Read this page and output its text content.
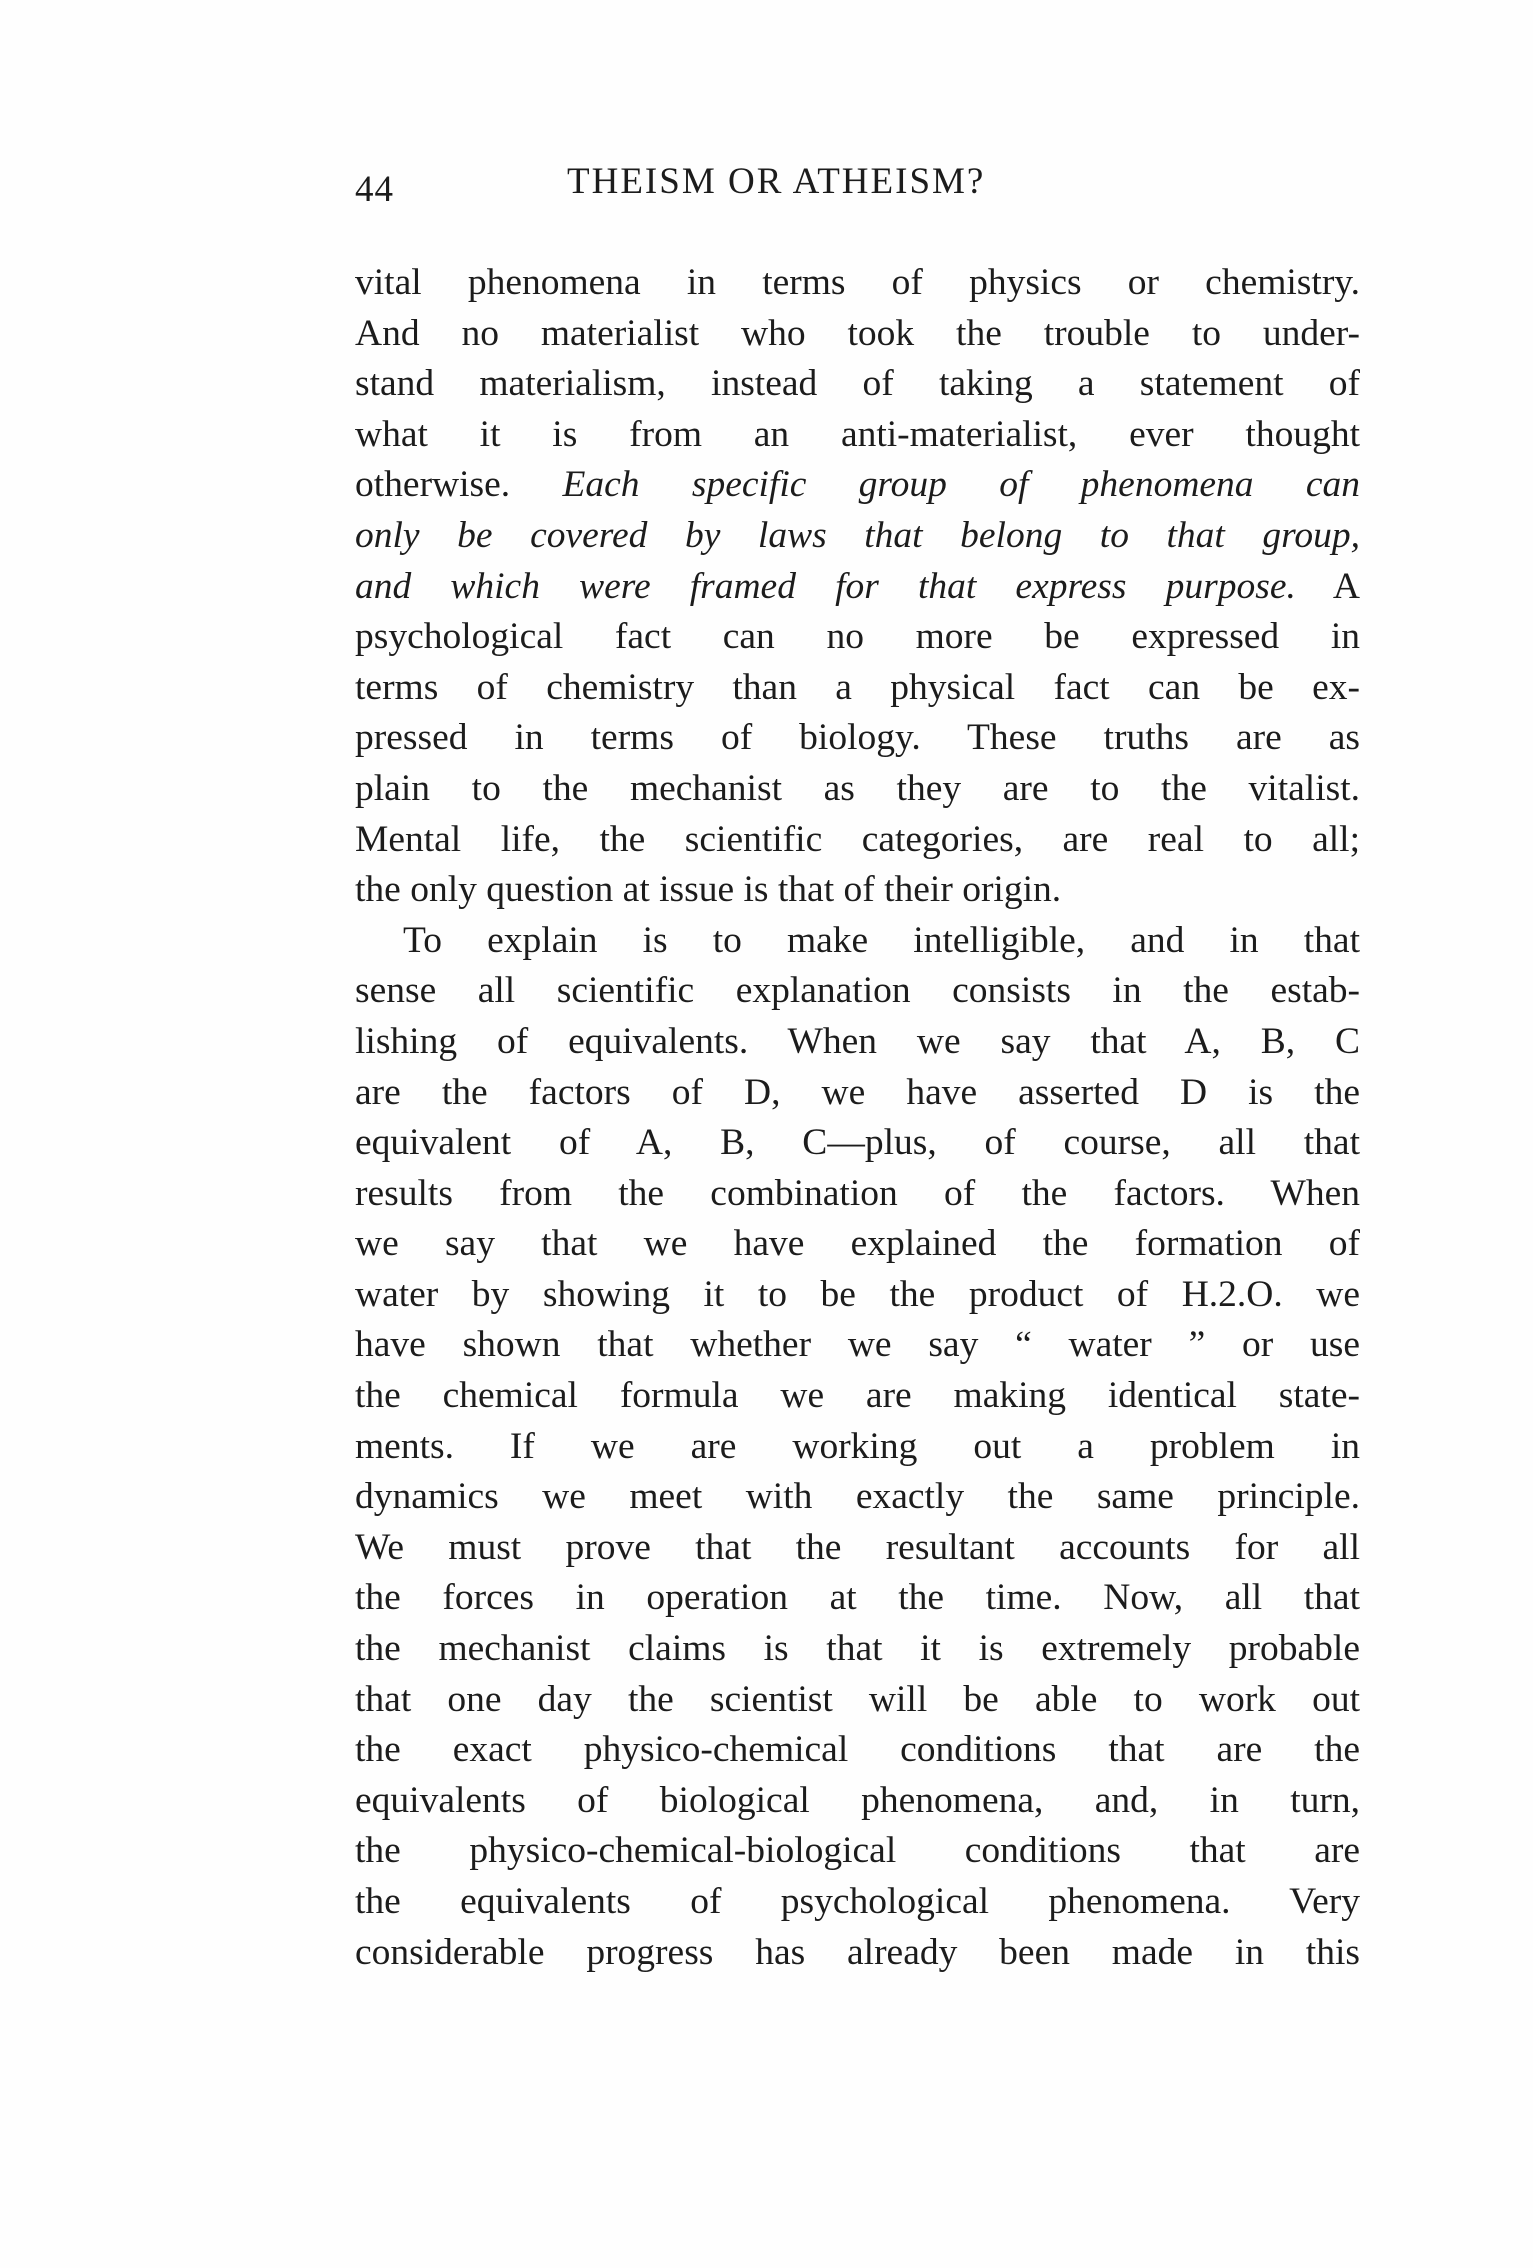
44	THEISM OR ATHEISM?
vital phenomena in terms of physics or chemistry.
And no materialist who took the trouble to under-
stand materialism, instead of taking a statement of
what it is from an anti-materialist, ever thought
otherwise. Each specific group of phenomena can
only be covered by laws that belong to that group,
and which were framed for that express purpose. A
psychological fact can no more be expressed in
terms of chemistry than a physical fact can be ex-
pressed in terms of biology. These truths are as
plain to the mechanist as they are to the vitalist.
Mental life, the scientific categories, are real to all;
the only question at issue is that of their origin.
To explain is to make intelligible, and in that
sense all scientific explanation consists in the estab-
lishing of equivalents. When we say that A, B, C
are the factors of D, we have asserted D is the
equivalent of A, B, C—plus, of course, all that
results from the combination of the factors. When
we say that we have explained the formation of
water by showing it to be the product of H.2.O. we
have shown that whether we say “ water ” or use
the chemical formula we are making identical state-
ments. If we are working out a problem in
dynamics we meet with exactly the same principle.
We must prove that the resultant accounts for all
the forces in operation at the time. Now, all that
the mechanist claims is that it is extremely probable
that one day the scientist will be able to work out
the exact physico-chemical conditions that are the
equivalents of biological phenomena, and, in turn,
the physico-chemical-biological conditions that are
the equivalents of psychological phenomena. Very
considerable progress has already been made in this
